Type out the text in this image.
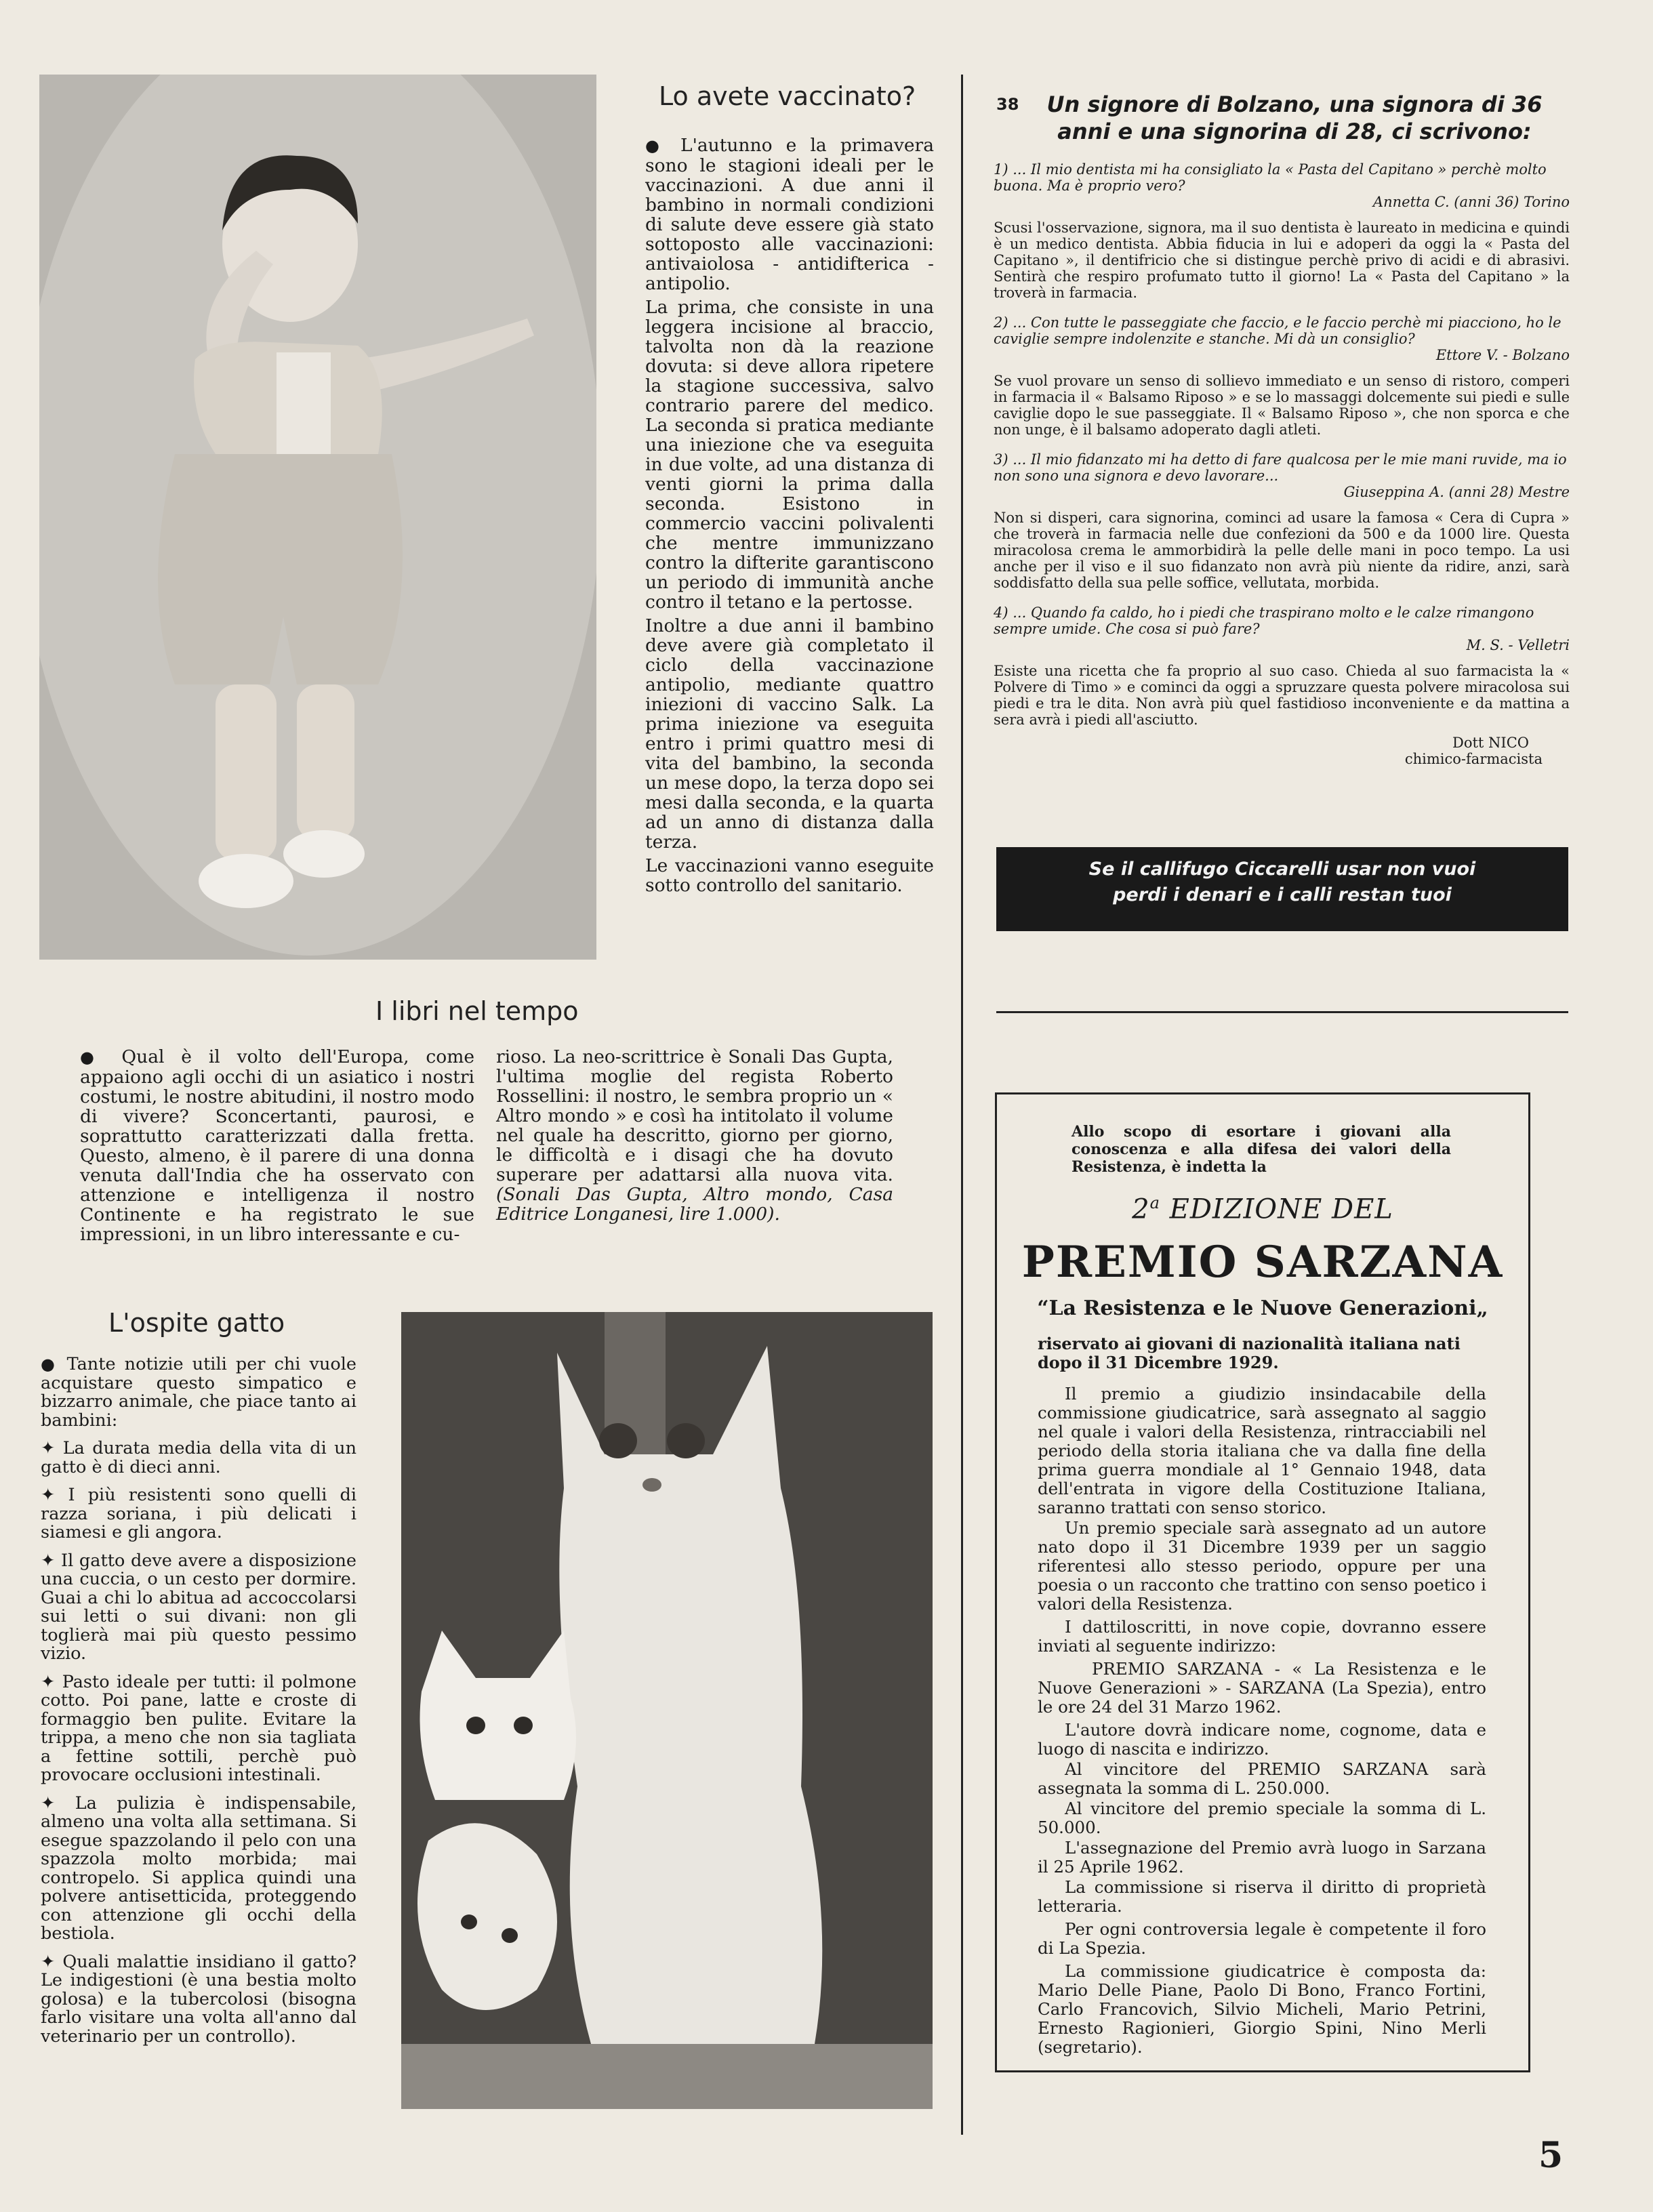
Lo avete vaccinato?

● L'autunno e la primavera sono le stagioni ideali per le vaccinazioni. A due anni il bambino in normali condizioni di salute deve essere già stato sottoposto alle vaccinazioni: antivaiolosa - antidifterica - antipolio.

La prima, che consiste in una leggera incisione al braccio, talvolta non dà la reazione dovuta: si deve allora ripetere la stagione successiva, salvo contrario parere del medico. La seconda si pratica mediante una iniezione che va eseguita in due volte, ad una distanza di venti giorni la prima dalla seconda. Esistono in commercio vaccini polivalenti che mentre immunizzano contro la difterite garantiscono un periodo di immunità anche contro il tetano e la pertosse.

Inoltre a due anni il bambino deve avere già completato il ciclo della vaccinazione antipolio, mediante quattro iniezioni di vaccino Salk. La prima iniezione va eseguita entro i primi quattro mesi di vita del bambino, la seconda un mese dopo, la terza dopo sei mesi dalla seconda, e la quarta ad un anno di distanza dalla terza.

Le vaccinazioni vanno eseguite sotto controllo del sanitario.

38	Un signore di Bolzano, una signora di 36 anni e una signorina di 28, ci scrivono:

1) ... Il mio dentista mi ha consigliato la « Pasta del Capitano » perchè molto buona. Ma è proprio vero?

Annetta C. (anni 36) Torino

Scusi l'osservazione, signora, ma il suo dentista è laureato in medicina e quindi è un medico dentista. Abbia fiducia in lui e adoperi da oggi la « Pasta del Capitano », il dentifricio che si distingue perchè privo di acidi e di abrasivi. Sentirà che respiro profumato tutto il giorno! La « Pasta del Capitano » la troverà in farmacia.

2) ... Con tutte le passeggiate che faccio, e le faccio perchè mi piacciono, ho le caviglie sempre indolenzite e stanche. Mi dà un consiglio?

Ettore V. - Bolzano

Se vuol provare un senso di sollievo immediato e un senso di ristoro, comperi in farmacia il « Balsamo Riposo » e se lo massaggi dolcemente sui piedi e sulle caviglie dopo le sue passeggiate. Il « Balsamo Riposo », che non sporca e che non unge, è il balsamo adoperato dagli atleti.

3) ... Il mio fidanzato mi ha detto di fare qualcosa per le mie mani ruvide, ma io non sono una signora e devo lavorare...

Giuseppina A. (anni 28) Mestre

Non si disperi, cara signorina, cominci ad usare la famosa « Cera di Cupra » che troverà in farmacia nelle due confezioni da 500 e da 1000 lire. Questa miracolosa crema le ammorbidirà la pelle delle mani in poco tempo. La usi anche per il viso e il suo fidanzato non avrà più niente da ridire, anzi, sarà soddisfatto della sua pelle soffice, vellutata, morbida.

4) ... Quando fa caldo, ho i piedi che traspirano molto e le calze rimangono sempre umide. Che cosa si può fare?

M. S. - Velletri

Esiste una ricetta che fa proprio al suo caso. Chieda al suo farmacista la « Polvere di Timo » e cominci da oggi a spruzzare questa polvere miracolosa sui piedi e tra le dita. Non avrà più quel fastidioso inconveniente e da mattina a sera avrà i piedi all'asciutto.

Dott NICO
chimico-farmacista
Se il callifugo Ciccarelli usar non vuoi
perdi i denari e i calli restan tuoi
I libri nel tempo

● Qual è il volto dell'Europa, come appaiono agli occhi di un asiatico i nostri costumi, le nostre abitudini, il nostro modo di vivere? Sconcertanti, paurosi, e soprattutto caratterizzati dalla fretta. Questo, almeno, è il parere di una donna venuta dall'India che ha osservato con attenzione e intelligenza il nostro Continente e ha registrato le sue impressioni, in un libro interessante e cu-

rioso. La neo-scrittrice è Sonali Das Gupta, l'ultima moglie del regista Roberto Rossellini: il nostro, le sembra proprio un « Altro mondo » e così ha intitolato il volume nel quale ha descritto, giorno per giorno, le difficoltà e i disagi che ha dovuto superare per adattarsi alla nuova vita. (Sonali Das Gupta, Altro mondo, Casa Editrice Longanesi, lire 1.000).

L'ospite gatto

● Tante notizie utili per chi vuole acquistare questo simpatico e bizzarro animale, che piace tanto ai bambini:

✦ La durata media della vita di un gatto è di dieci anni.

✦ I più resistenti sono quelli di razza soriana, i più delicati i siamesi e gli angora.

✦ Il gatto deve avere a disposizione una cuccia, o un cesto per dormire. Guai a chi lo abitua ad accoccolarsi sui letti o sui divani: non gli toglierà mai più questo pessimo vizio.

✦ Pasto ideale per tutti: il polmone cotto. Poi pane, latte e croste di formaggio ben pulite. Evitare la trippa, a meno che non sia tagliata a fettine sottili, perchè può provocare occlusioni intestinali.

✦ La pulizia è indispensabile, almeno una volta alla settimana. Si esegue spazzolando il pelo con una spazzola molto morbida; mai contropelo. Si applica quindi una polvere antisetticida, proteggendo con attenzione gli occhi della bestiola.

✦ Quali malattie insidiano il gatto? Le indigestioni (è una bestia molto golosa) e la tubercolosi (bisogna farlo visitare una volta all'anno dal veterinario per un controllo).

Allo scopo di esortare i giovani alla conoscenza e alla difesa dei valori della Resistenza, è indetta la
2$^a$ EDIZIONE DEL
PREMIO SARZANA
“La Resistenza e le Nuove Generazioni„
riservato ai giovani di nazionalità italiana nati dopo il 31 Dicembre 1929.

Il premio a giudizio insindacabile della commissione giudicatrice, sarà assegnato al saggio nel quale i valori della Resistenza, rintracciabili nel periodo della storia italiana che va dalla fine della prima guerra mondiale al 1° Gennaio 1948, data dell'entrata in vigore della Costituzione Italiana, saranno trattati con senso storico.

Un premio speciale sarà assegnato ad un autore nato dopo il 31 Dicembre 1939 per un saggio riferentesi allo stesso periodo, oppure per una poesia o un racconto che trattino con senso poetico i valori della Resistenza.

I dattiloscritti, in nove copie, dovranno essere inviati al seguente indirizzo:

PREMIO SARZANA - « La Resistenza e le Nuove Generazioni » - SARZANA (La Spezia), entro le ore 24 del 31 Marzo 1962.

L'autore dovrà indicare nome, cognome, data e luogo di nascita e indirizzo.

Al vincitore del PREMIO SARZANA sarà assegnata la somma di L. 250.000.

Al vincitore del premio speciale la somma di L. 50.000.

L'assegnazione del Premio avrà luogo in Sarzana il 25 Aprile 1962.

La commissione si riserva il diritto di proprietà letteraria.

Per ogni controversia legale è competente il foro di La Spezia.

La commissione giudicatrice è composta da: Mario Delle Piane, Paolo Di Bono, Franco Fortini, Carlo Francovich, Silvio Micheli, Mario Petrini, Ernesto Ragionieri, Giorgio Spini, Nino Merli (segretario).

5
